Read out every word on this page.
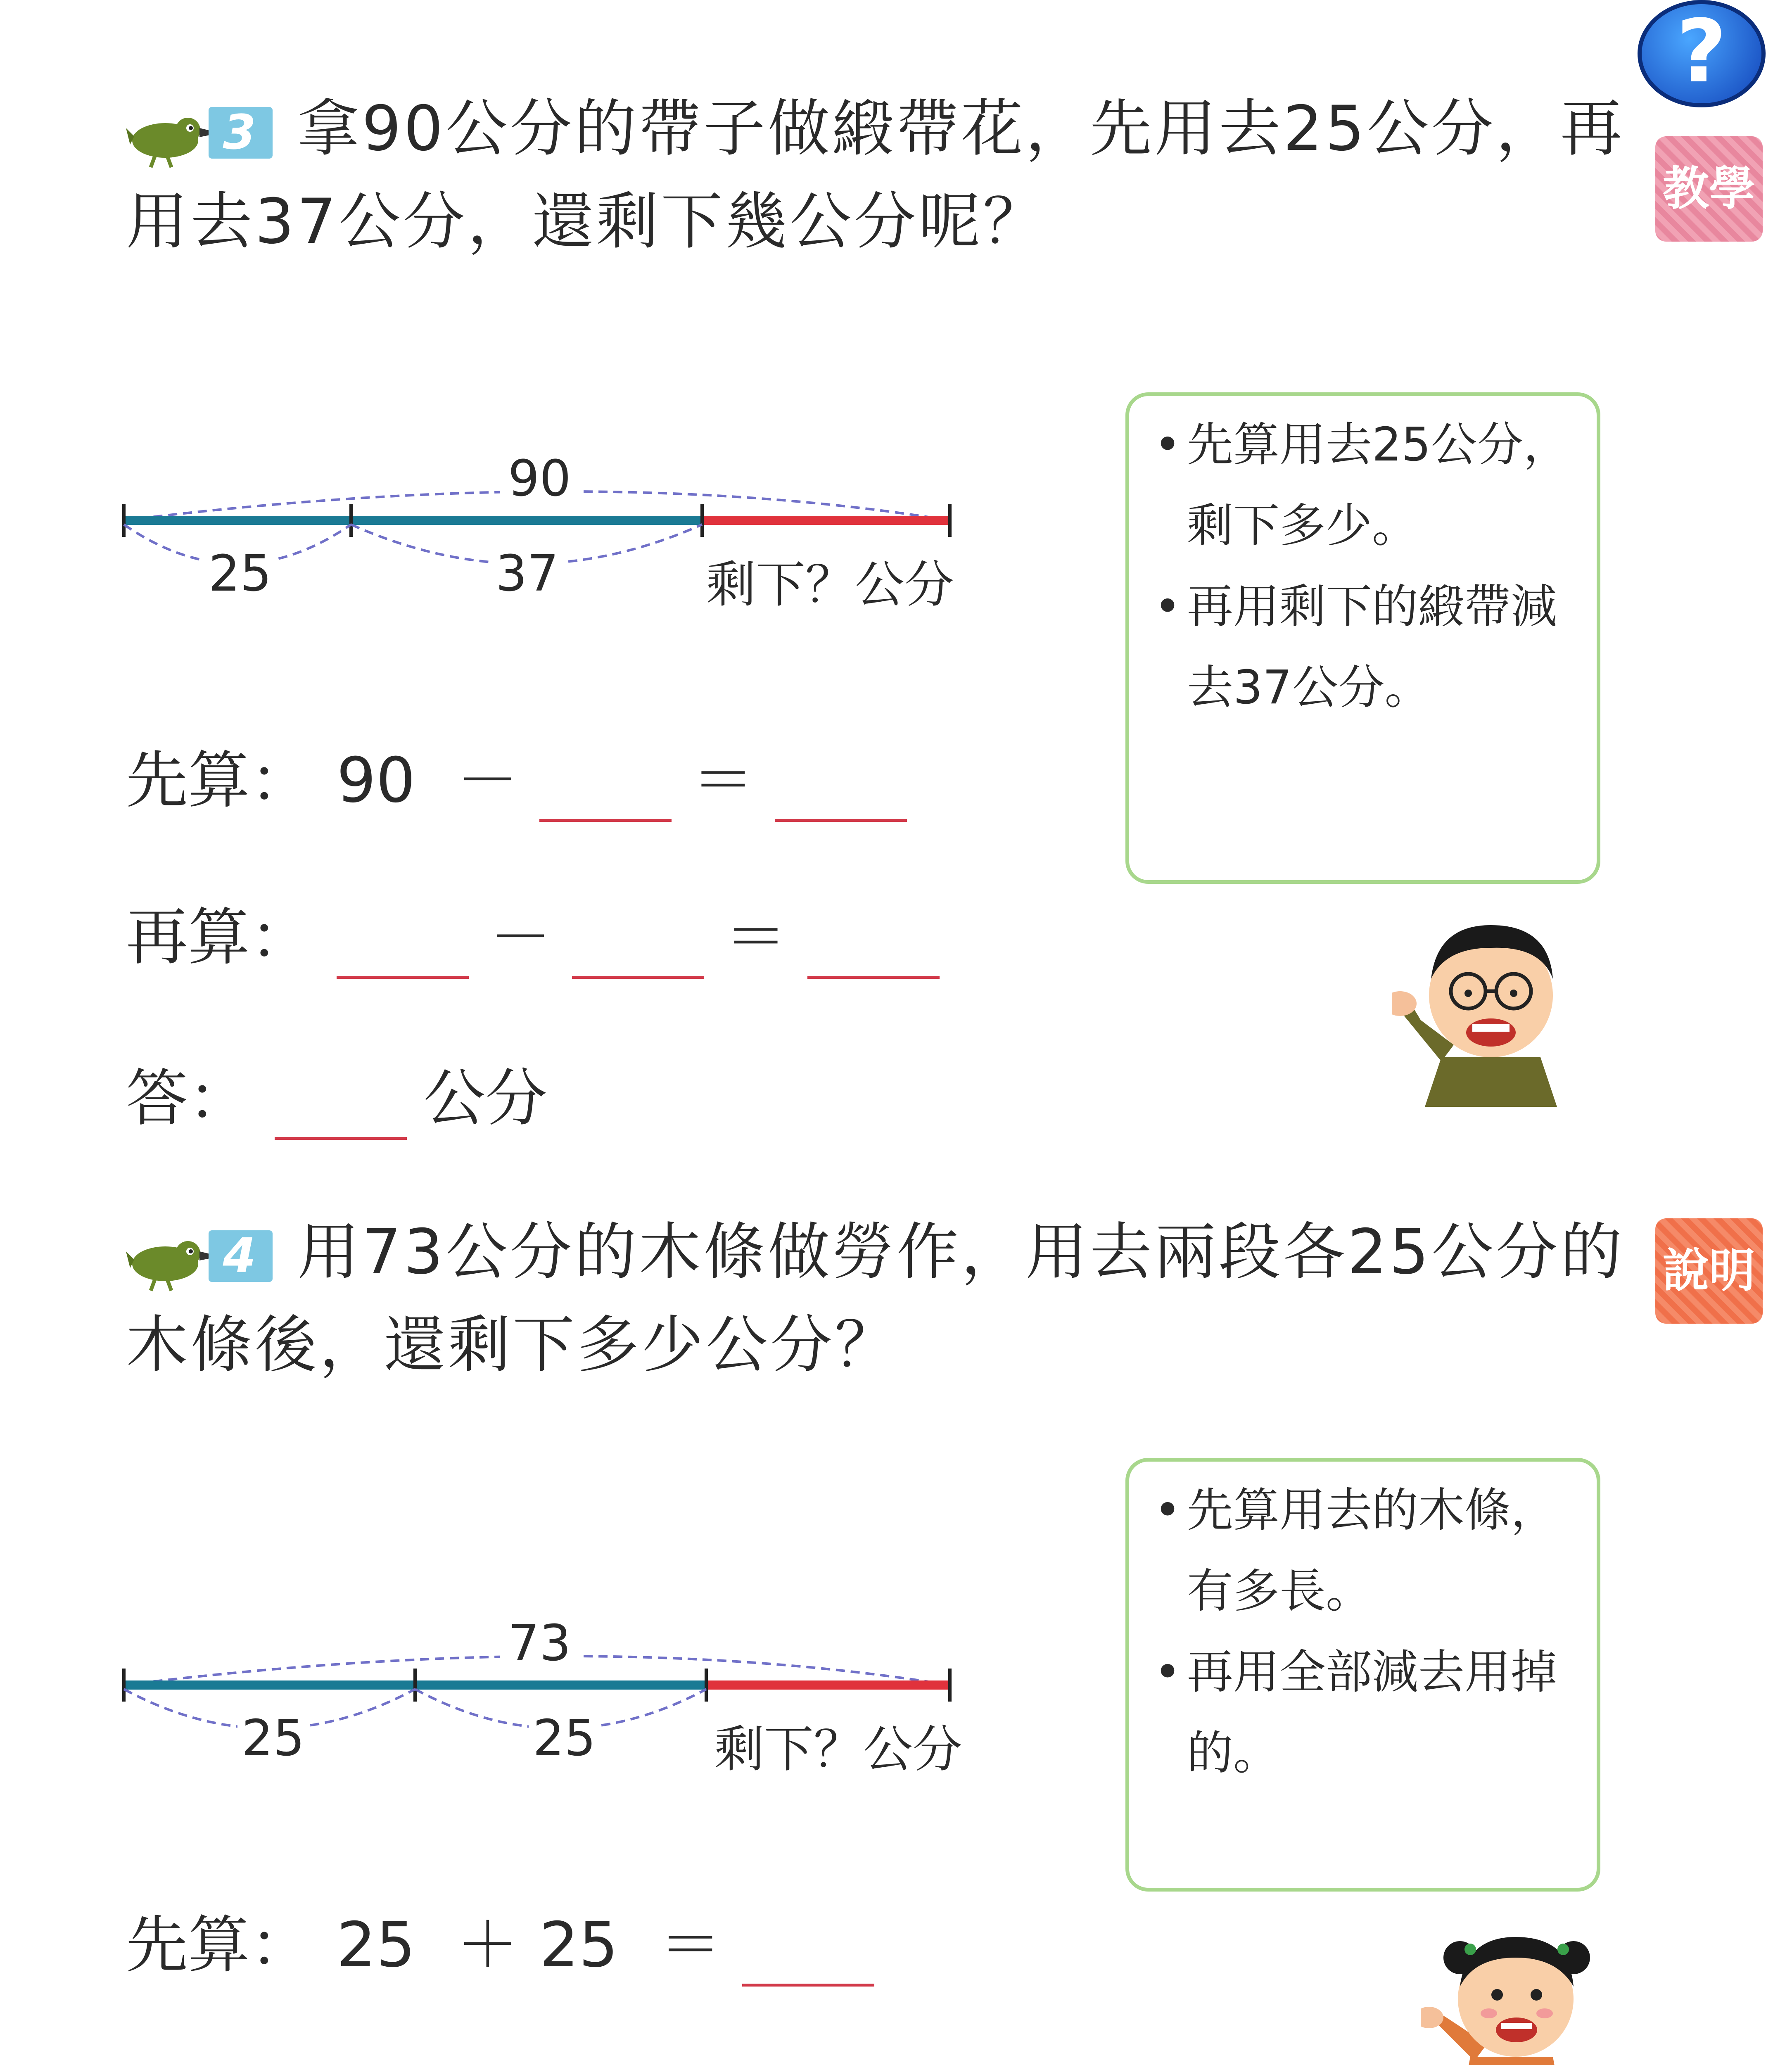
?
教學
說明
3 拿90公分的帶子做緞帶花，先用去25公分，再用去37公分，還剩下幾公分呢？
90
25	37	剩下？公分
• 先算用去25公分，剩下多少。
• 再用剩下的緞帶減去37公分。
先算： 90 －	＝
再算：	－	＝
答：	公分
4 用73公分的木條做勞作，用去兩段各25公分的木條後，還剩下多少公分？
73
25	25 剩下？公分
• 先算用去的木條，有多長。
• 再用全部減去用掉的。
先算： 25 ＋ 25 ＝
